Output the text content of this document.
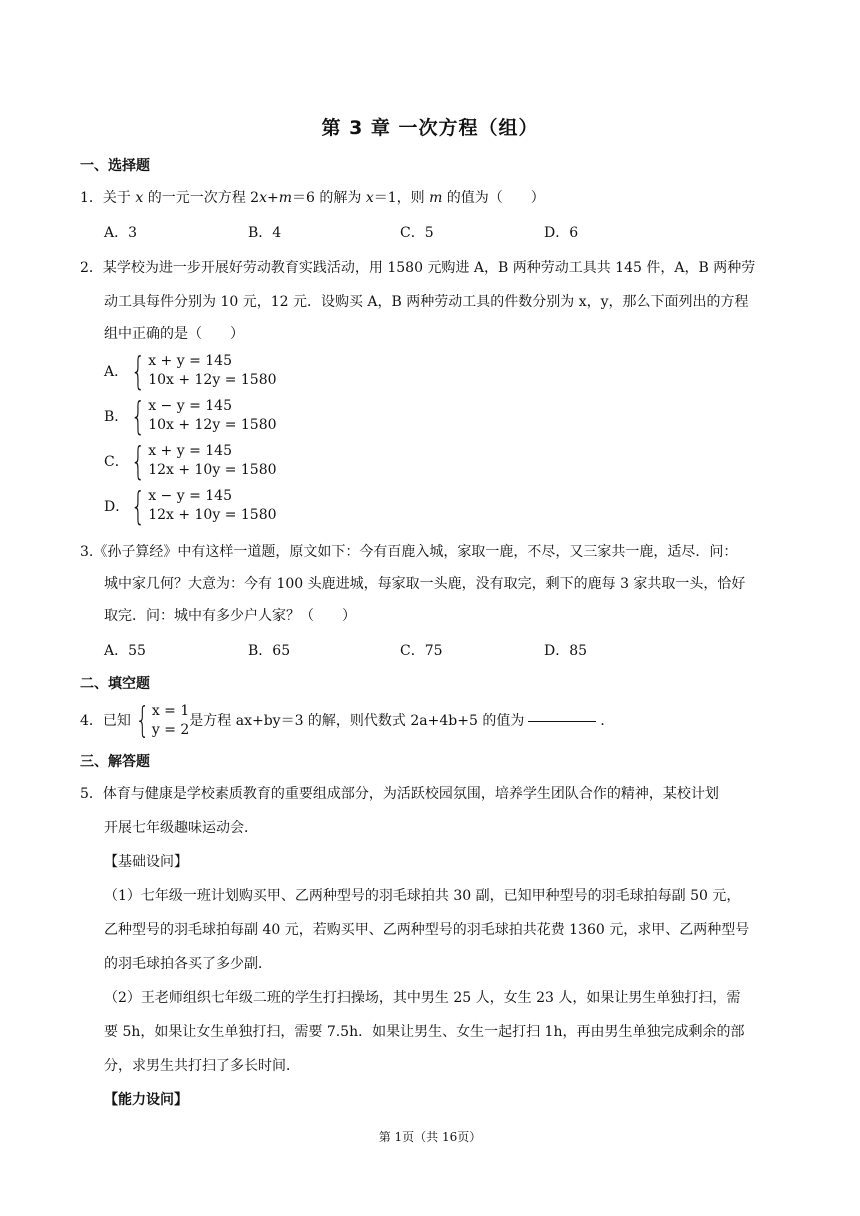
第 3 章 一次方程（组）
一、选择题
1．关于 x 的一元一次方程 2x+m＝6 的解为 x＝1，则 m 的值为（　　）
A．3	B．4	C．5	D．6
2．某学校为进一步开展好劳动教育实践活动，用 1580 元购进 A，B 两种劳动工具共 145 件，A，B 两种劳
动工具每件分别为 10 元，12 元．设购买 A，B 两种劳动工具的件数分别为 x，y，那么下面列出的方程
组中正确的是（　　）
A． { x + y = 145
10x + 12y = 1580
B． { x − y = 145
10x + 12y = 1580
C． { x + y = 145
12x + 10y = 1580
D． { x − y = 145
12x + 10y = 1580
3.《孙子算经》中有这样一道题，原文如下：今有百鹿入城，家取一鹿，不尽，又三家共一鹿，适尽．问：
城中家几何？大意为：今有 100 头鹿进城，每家取一头鹿，没有取完，剩下的鹿每 3 家共取一头，恰好
取完．问：城中有多少户人家？（　　）
A．55	B．65	C．75	D．85
二、填空题
4．已知 { x = 1
y = 2
是方程 ax+by＝3 的解，则代数式 2a+4b+5 的值为	．
三、解答题
5．体育与健康是学校素质教育的重要组成部分，为活跃校园氛围，培养学生团队合作的精神，某校计划
开展七年级趣味运动会．
【基础设问】
（1）七年级一班计划购买甲、乙两种型号的羽毛球拍共 30 副，已知甲种型号的羽毛球拍每副 50 元，
乙种型号的羽毛球拍每副 40 元，若购买甲、乙两种型号的羽毛球拍共花费 1360 元，求甲、乙两种型号
的羽毛球拍各买了多少副．
（2）王老师组织七年级二班的学生打扫操场，其中男生 25 人，女生 23 人，如果让男生单独打扫，需
要 5h，如果让女生单独打扫，需要 7.5h．如果让男生、女生一起打扫 1h，再由男生单独完成剩余的部
分，求男生共打扫了多长时间．
【能力设问】
第 1页（共 16页）
